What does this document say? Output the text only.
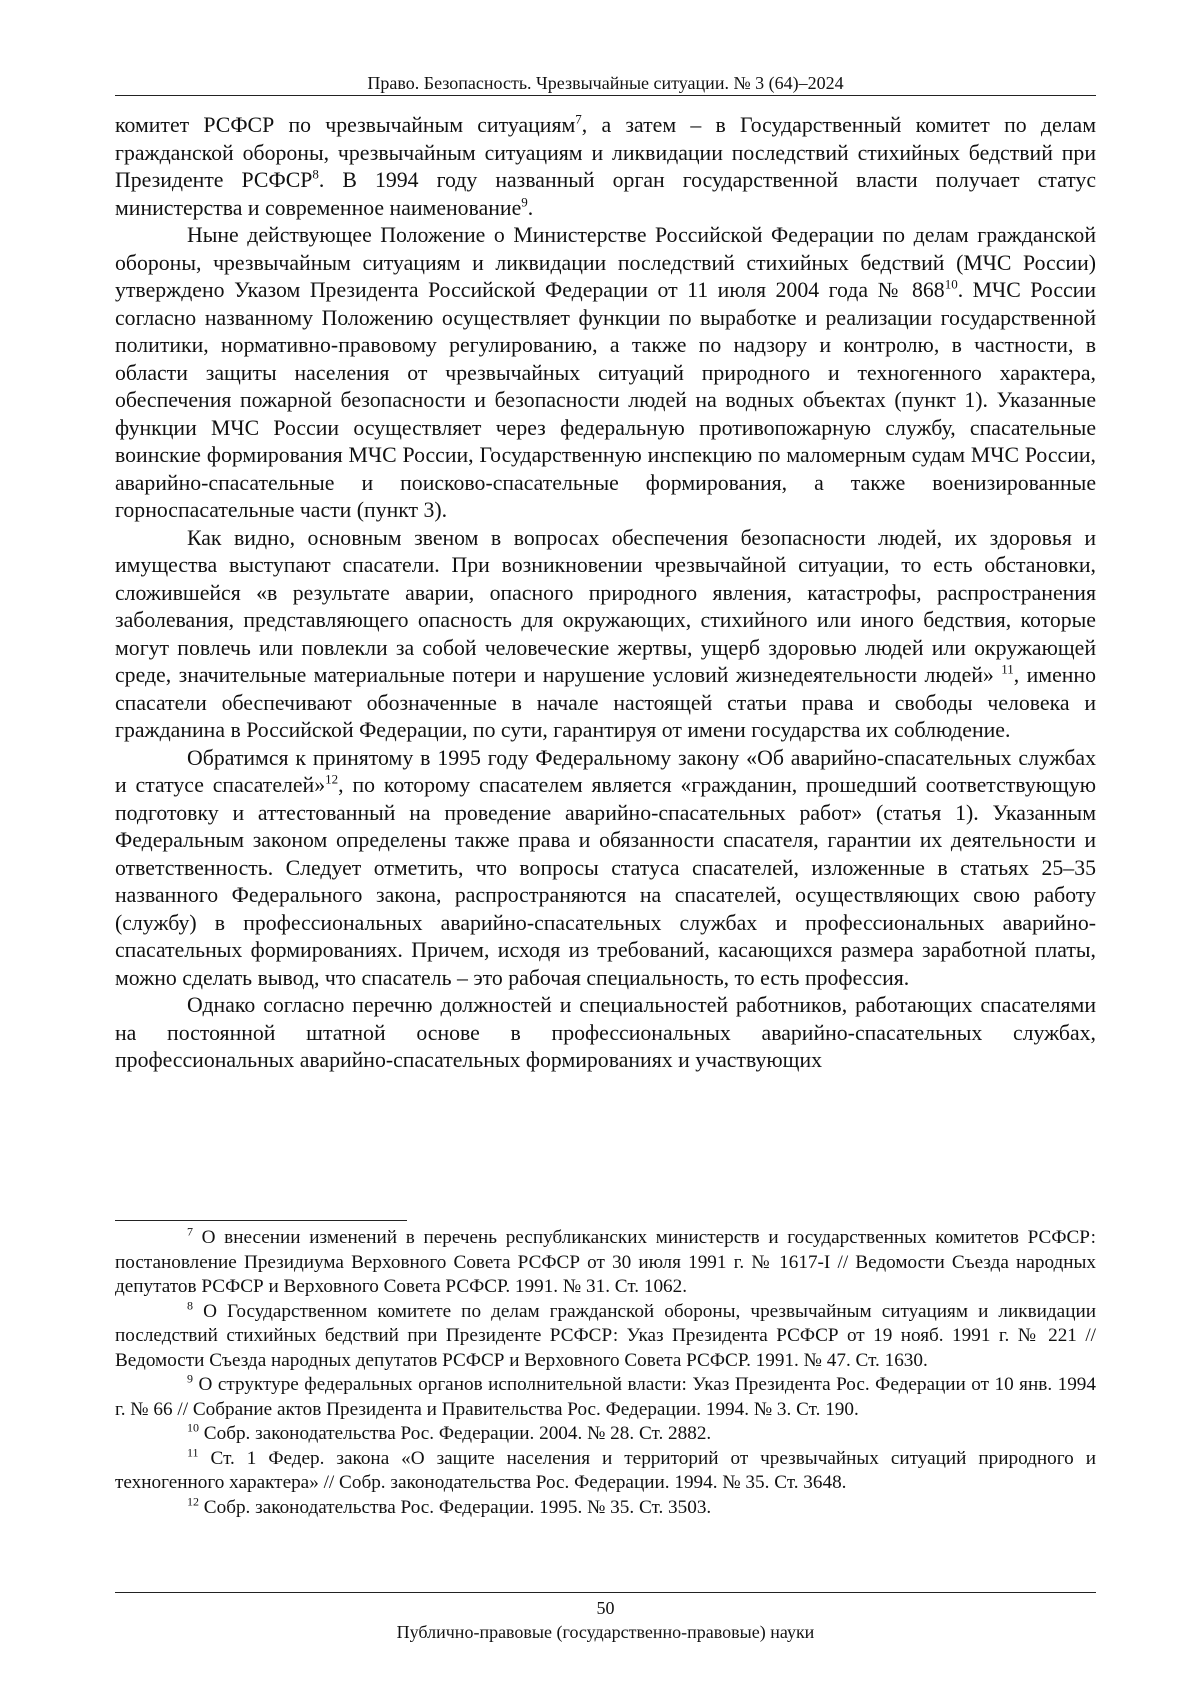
Право. Безопасность. Чрезвычайные ситуации. № 3 (64)–2024

комитет РСФСР по чрезвычайным ситуациям$^7$, а затем – в Государственный комитет по делам гражданской обороны, чрезвычайным ситуациям и ликвидации последствий стихийных бедствий при Президенте РСФСР$^8$. В 1994 году названный орган государственной власти получает статус министерства и современное наименование$^9$.

Ныне действующее Положение о Министерстве Российской Федерации по делам гражданской обороны, чрезвычайным ситуациям и ликвидации последствий стихийных бедствий (МЧС России) утверждено Указом Президента Российской Федерации от 11 июля 2004 года № $868^{10}$. МЧС России согласно названному Положению осуществляет функции по выработке и реализации государственной политики, нормативно-правовому регулированию, а также по надзору и контролю, в частности, в области защиты населения от чрезвычайных ситуаций природного и техногенного характера, обеспечения пожарной безопасности и безопасности людей на водных объектах (пункт 1). Указанные функции МЧС России осуществляет через федеральную противопожарную службу, спасательные воинские формирования МЧС России, Государственную инспекцию по маломерным судам МЧС России, аварийно-спасательные и поисково-спасательные формирования, а также военизированные горноспасательные части (пункт 3).

Как видно, основным звеном в вопросах обеспечения безопасности людей, их здоровья и имущества выступают спасатели. При возникновении чрезвычайной ситуации, то есть обстановки, сложившейся «в результате аварии, опасного природного явления, катастрофы, распространения заболевания, представляющего опасность для окружающих, стихийного или иного бедствия, которые могут повлечь или повлекли за собой человеческие жертвы, ущерб здоровью людей или окружающей среде, значительные материальные потери и нарушение условий жизнедеятельности людей» $^{11}$, именно спасатели обеспечивают обозначенные в начале настоящей статьи права и свободы человека и гражданина в Российской Федерации, по сути, гарантируя от имени государства их соблюдение.

Обратимся к принятому в 1995 году Федеральному закону «Об аварийно-спасательных службах и статусе спасателей»$^{12}$, по которому спасателем является «гражданин, прошедший соответствующую подготовку и аттестованный на проведение аварийно-спасательных работ» (статья 1). Указанным Федеральным законом определены также права и обязанности спасателя, гарантии их деятельности и ответственность. Следует отметить, что вопросы статуса спасателей, изложенные в статьях 25–35 названного Федерального закона, распространяются на спасателей, осуществляющих свою работу (службу) в профессиональных аварийно-спасательных службах и профессиональных аварийно-спасательных формированиях. Причем, исходя из требований, касающихся размера заработной платы, можно сделать вывод, что спасатель – это рабочая специальность, то есть профессия.

Однако согласно перечню должностей и специальностей работников, работающих спасателями на постоянной штатной основе в профессиональных аварийно-спасательных службах, профессиональных аварийно-спасательных формированиях и участвующих

$^7$ О внесении изменений в перечень республиканских министерств и государственных комитетов РСФСР: постановление Президиума Верховного Совета РСФСР от 30 июля 1991 г. № 1617-I // Ведомости Съезда народных депутатов РСФСР и Верховного Совета РСФСР. 1991. № 31. Ст. 1062.

$^8$ О Государственном комитете по делам гражданской обороны, чрезвычайным ситуациям и ликвидации последствий стихийных бедствий при Президенте РСФСР: Указ Президента РСФСР от 19 нояб. 1991 г. № 221 // Ведомости Съезда народных депутатов РСФСР и Верховного Совета РСФСР. 1991. № 47. Ст. 1630.

$^9$ О структуре федеральных органов исполнительной власти: Указ Президента Рос. Федерации от 10 янв. 1994 г. № 66 // Собрание актов Президента и Правительства Рос. Федерации. 1994. № 3. Ст. 190.

$^{10}$ Собр. законодательства Рос. Федерации. 2004. № 28. Ст. 2882.

$^{11}$ Ст. 1 Федер. закона «О защите населения и территорий от чрезвычайных ситуаций природного и техногенного характера» // Собр. законодательства Рос. Федерации. 1994. № 35. Ст. 3648.

$^{12}$ Собр. законодательства Рос. Федерации. 1995. № 35. Ст. 3503.

50
Публично-правовые (государственно-правовые) науки
